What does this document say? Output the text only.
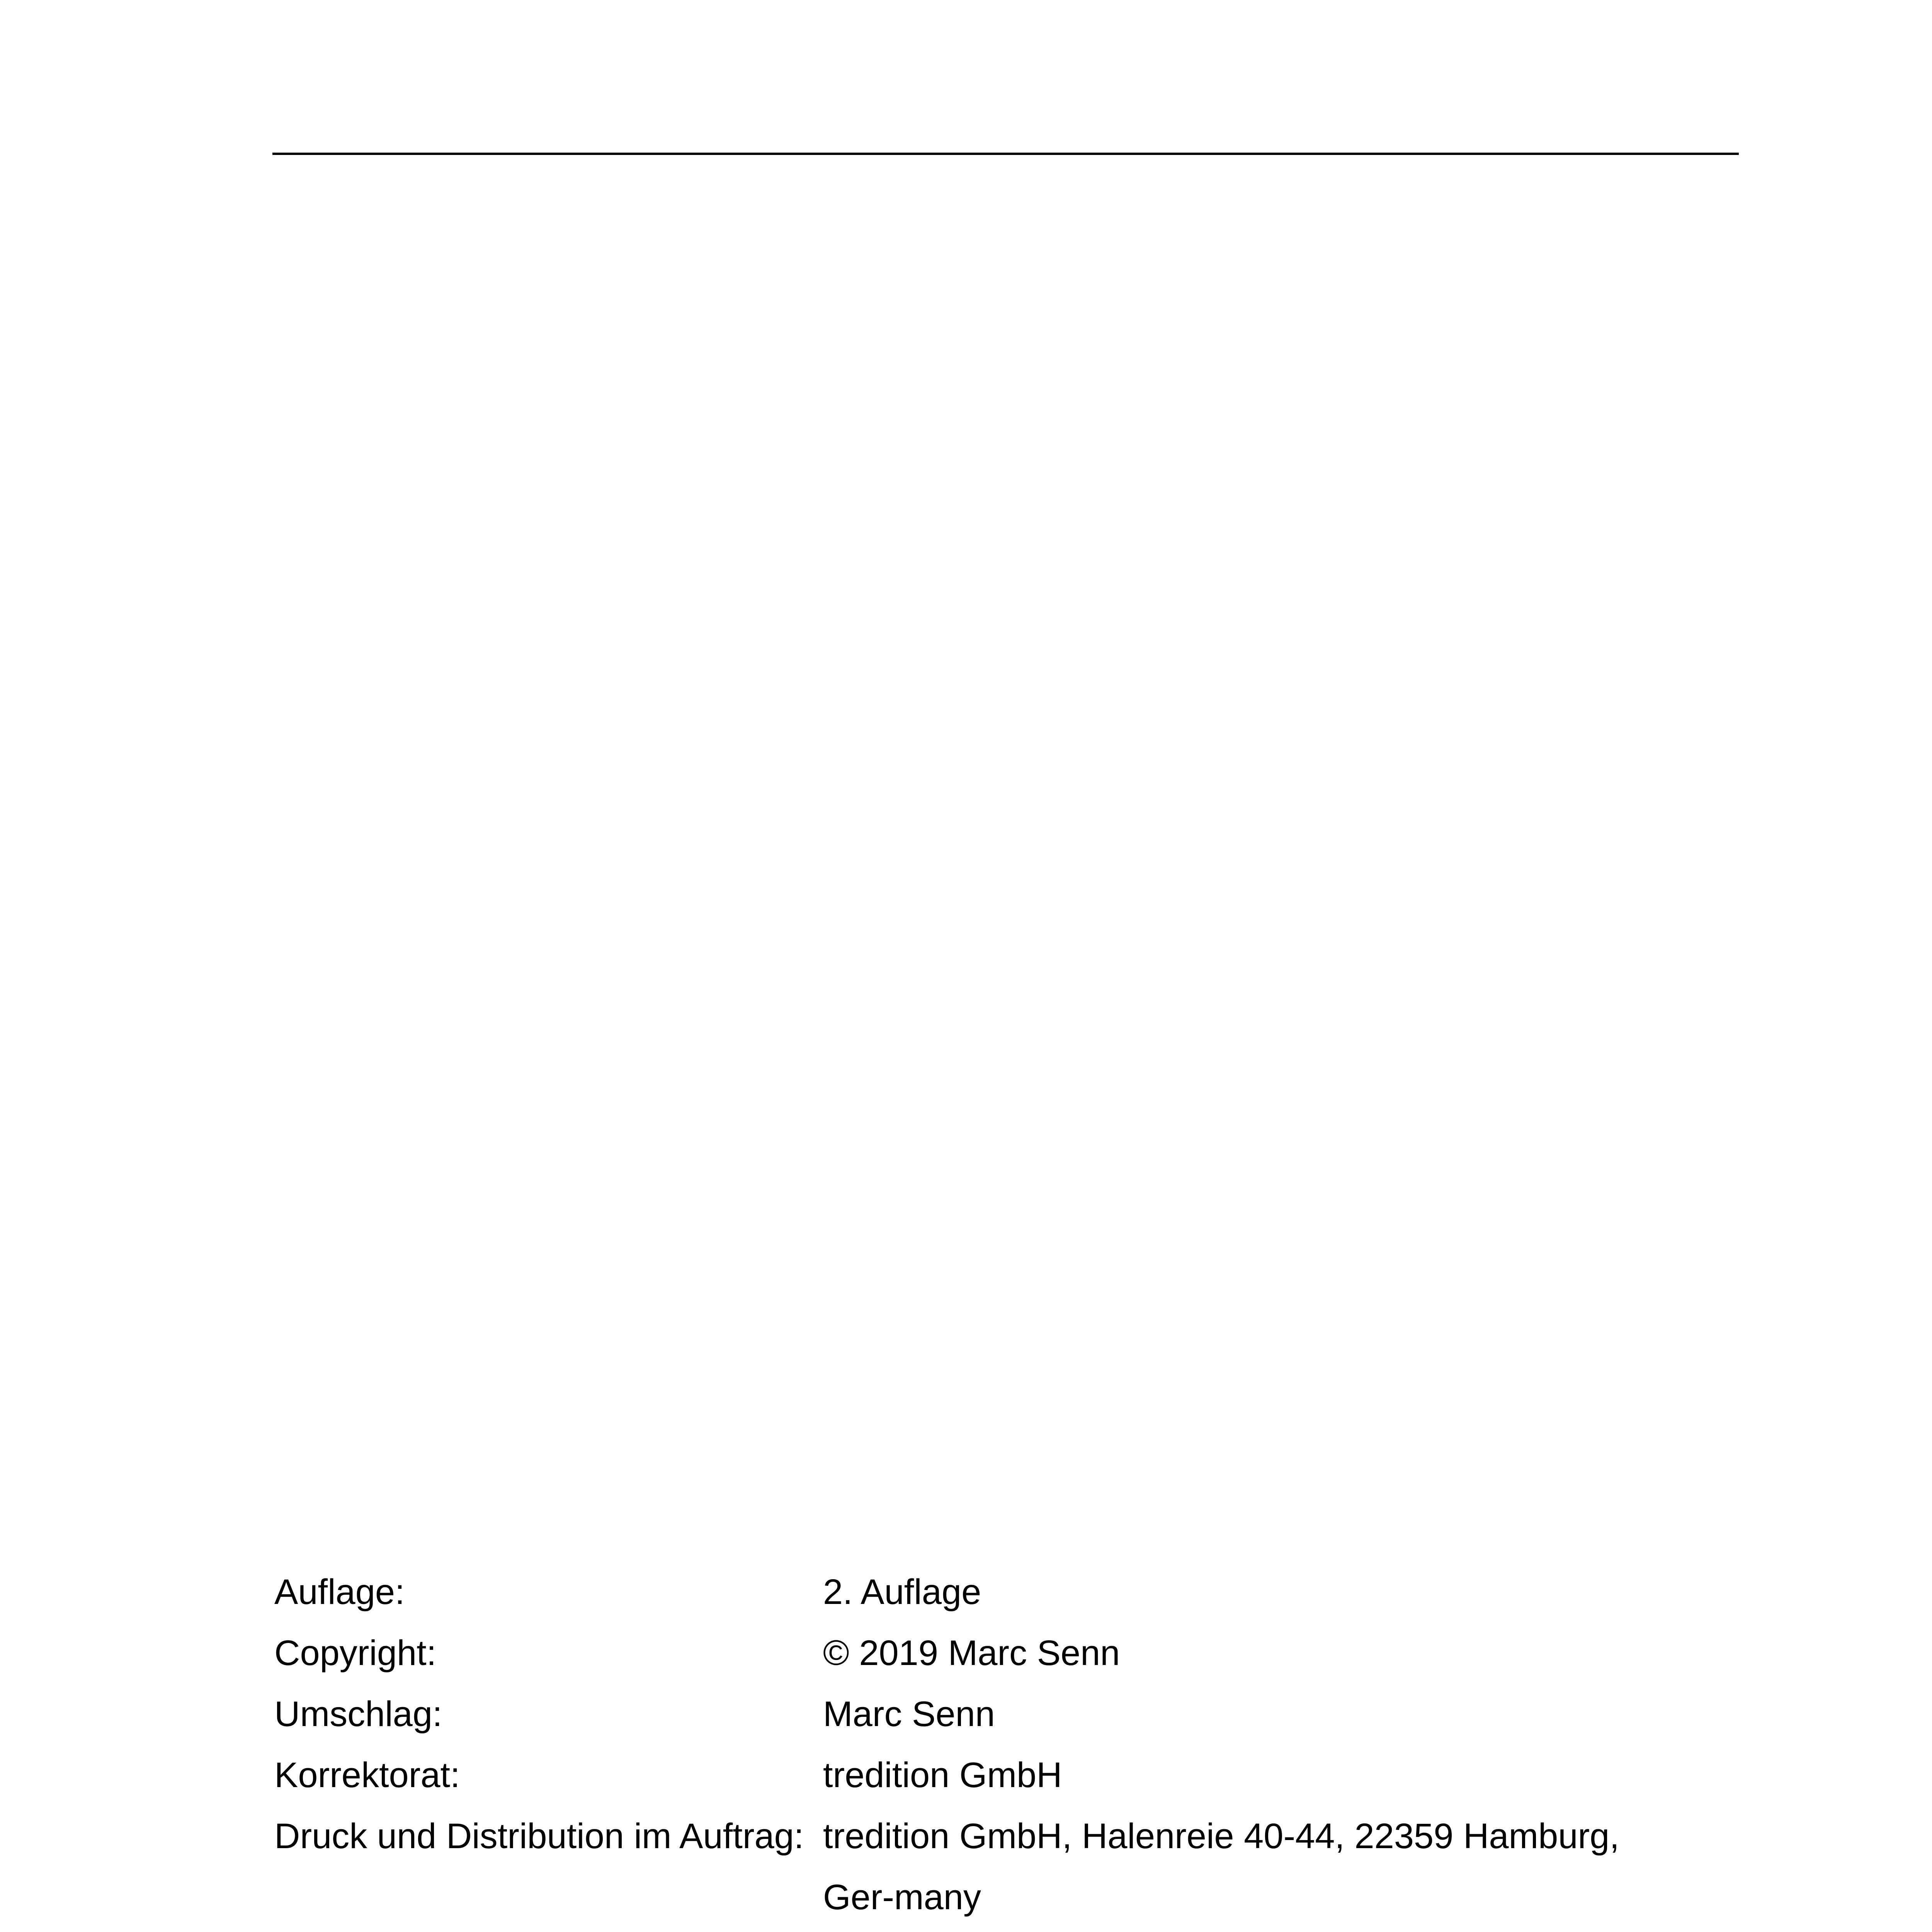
Auflage:	2. Auflage
Copyright:	© 2019 Marc Senn
Umschlag:	Marc Senn
Korrektorat:	tredition GmbH
Druck und Distribution im Auftrag: tredition GmbH, Halenreie 40-44, 22359 Hamburg, Ger-many
